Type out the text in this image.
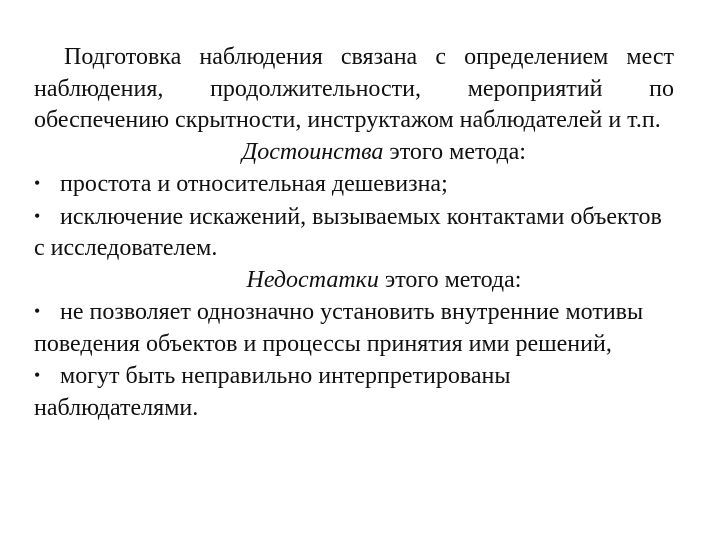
Подготовка наблюдения связана с определением мест наблюдения, продолжительности, мероприятий по обеспечению скрытности, инструктажом наблюдателей и т.п.

Достоинства этого метода:

• простота и относительная дешевизна;
• исключение искажений, вызываемых контактами объектов с исследователем.

Недостатки этого метода:

• не позволяет однозначно установить внутренние мотивы поведения объектов и процессы принятия ими решений,
• могут быть неправильно интерпретированы наблюдателями.
